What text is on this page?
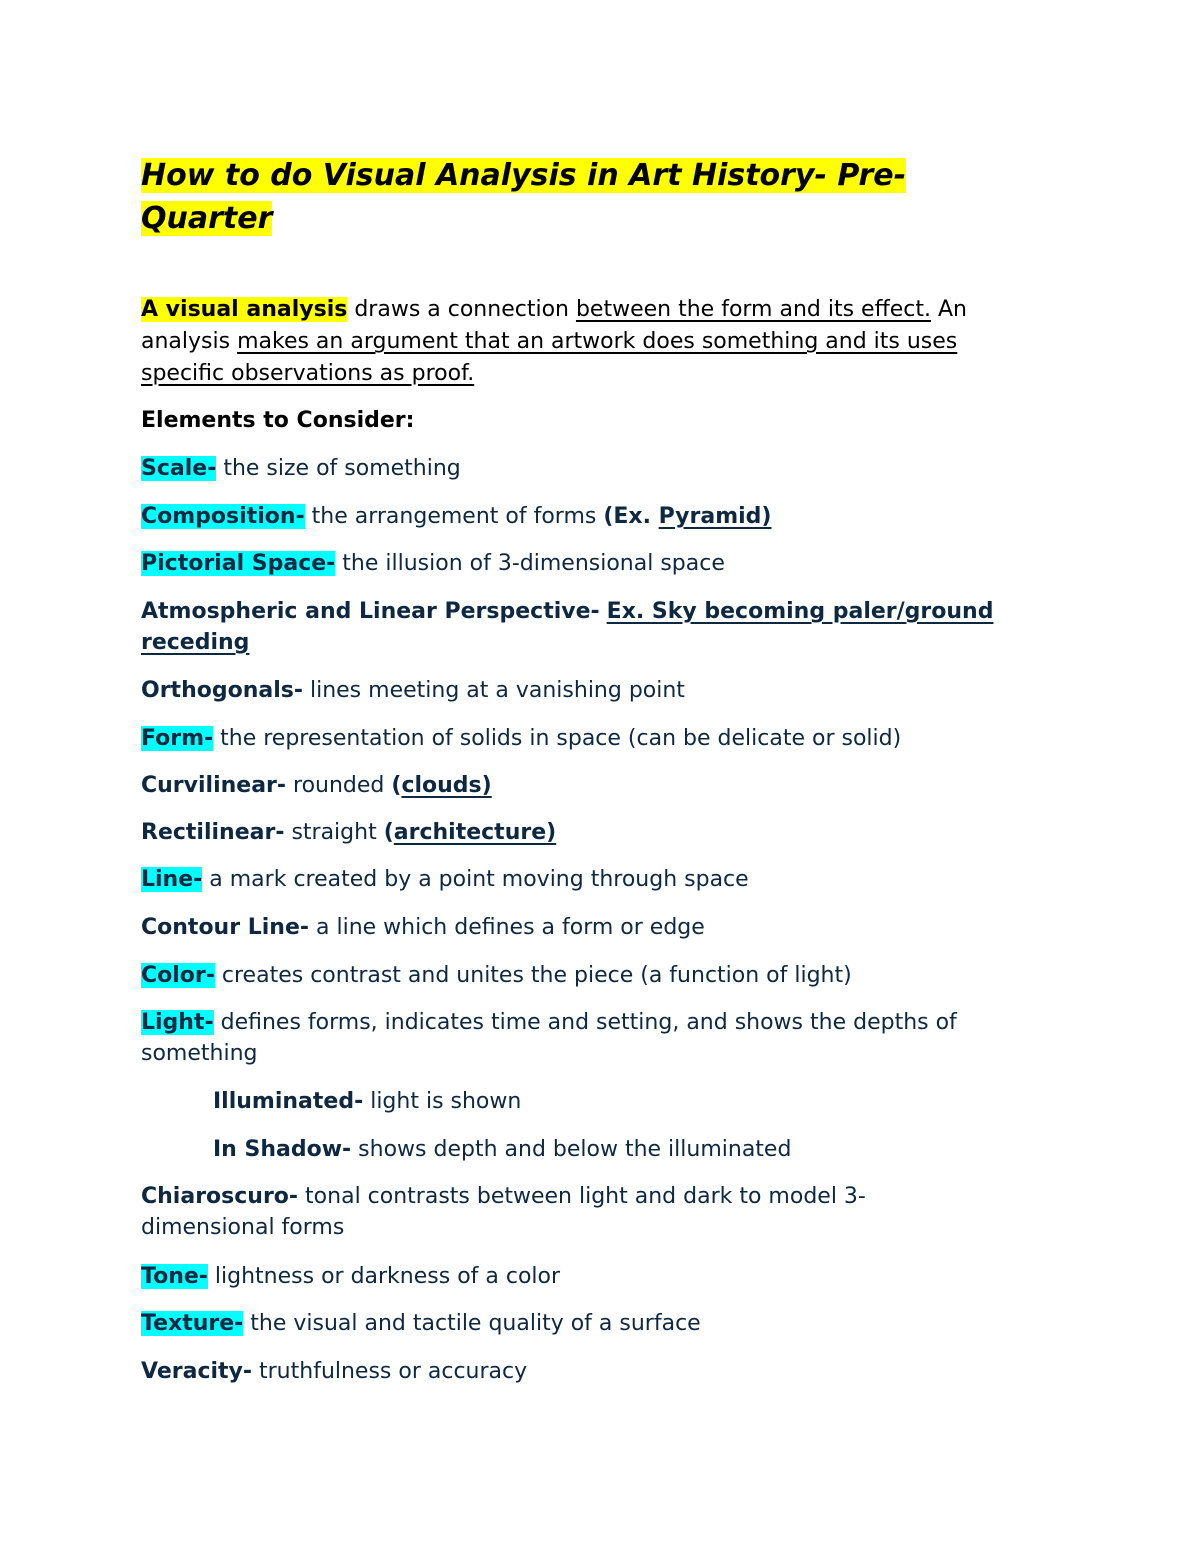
How to do Visual Analysis in Art History- Pre-
Quarter
A visual analysis draws a connection between the form and its effect. An analysis makes an argument that an artwork does something and its uses specific observations as proof.
Elements to Consider:
Scale- the size of something
Composition- the arrangement of forms (Ex. Pyramid)
Pictorial Space- the illusion of 3-dimensional space
Atmospheric and Linear Perspective- Ex. Sky becoming paler/ground receding
Orthogonals- lines meeting at a vanishing point
Form- the representation of solids in space (can be delicate or solid)
Curvilinear- rounded (clouds)
Rectilinear- straight (architecture)
Line- a mark created by a point moving through space
Contour Line- a line which defines a form or edge
Color- creates contrast and unites the piece (a function of light)
Light- defines forms, indicates time and setting, and shows the depths of something
Illuminated- light is shown
In Shadow- shows depth and below the illuminated
Chiaroscuro- tonal contrasts between light and dark to model 3-dimensional forms
Tone- lightness or darkness of a color
Texture- the visual and tactile quality of a surface
Veracity- truthfulness or accuracy
